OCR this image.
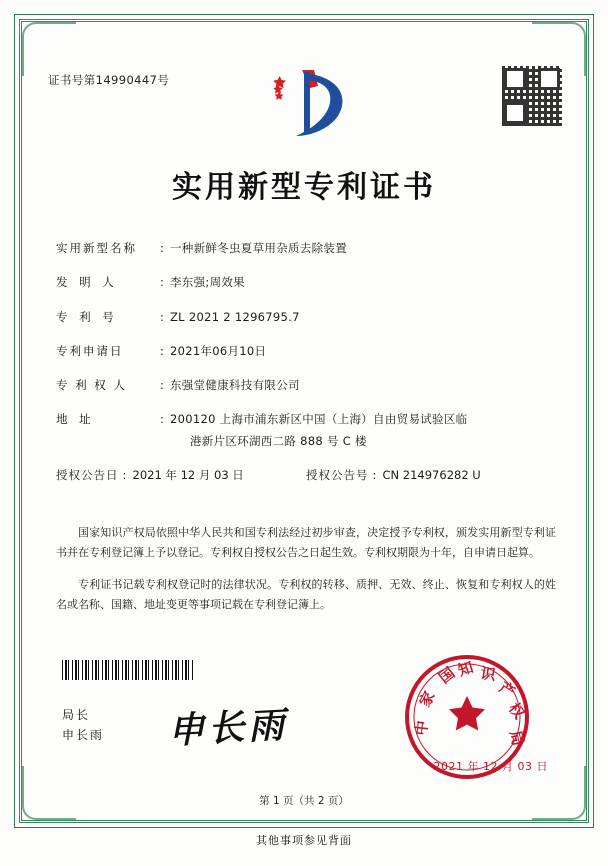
证书号第14990447号
实用新型专利证书
实用新型名称	: 一种新鲜冬虫夏草用杂质去除装置
发 明 人	: 李东强;周效果
专 利 号	: ZL 2021 2 1296795.7
专利申请日	: 2021年06月10日
专 利 权 人	: 东强堂健康科技有限公司
地 址	: 200120 上海市浦东新区中国（上海）自由贸易试验区临
港新片区环湖西二路 888 号 C 楼
授权公告日 : 2021 年 12 月 03 日	授权公告号 : CN 214976282 U

国家知识产权局依照中华人民共和国专利法经过初步审查，决定授予专利权，颁发实用新型专利证书并在专利登记簿上予以登记。专利权自授权公告之日起生效。专利权期限为十年，自申请日起算。

专利证书记载专利权登记时的法律状况。专利权的转移、质押、无效、终止、恢复和专利权人的姓名或名称、国籍、地址变更等事项记载在专利登记簿上。

局长
申长雨 申长雨
国
知 识
产
权
局
家
中
2021 年 12 月 03 日
第 1 页（共 2 页）
其他事项参见背面
